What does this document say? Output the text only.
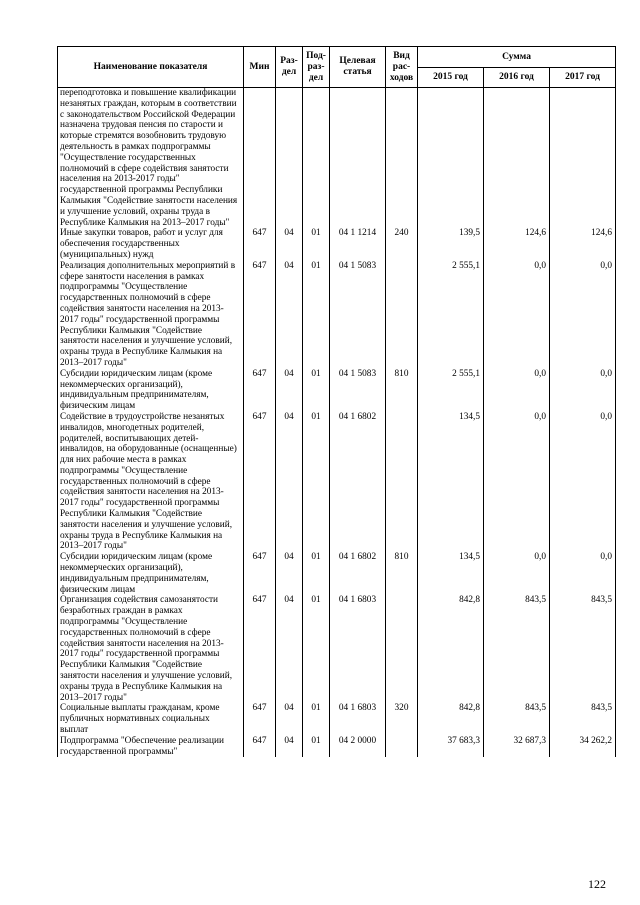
Наименование показателя	Мин	Раз-дел	Под-раз-дел	Целевая статья	Вид рас-ходов	Сумма		
						2015 год	2016 год	2017 год
переподготовка и повышение квалификации незанятых граждан, которым в соответствии с законодательством Российской Федерации назначена трудовая пенсия по старости и которые стремятся возобновить трудовую деятельность в рамках подпрограммы "Осуществление государственных полномочий в сфере содействия занятости населения на 2013-2017 годы" государственной программы Республики Калмыкия "Содействие занятости населения и улучшение условий, охраны труда в Республике Калмыкия на 2013–2017 годы"								
Иные закупки товаров, работ и услуг для обеспечения государственных (муниципальных) нужд	647	04	01	04 1 1214	240	139,5	124,6	124,6
Реализация дополнительных мероприятий в сфере занятости населения в рамках подпрограммы "Осуществление государственных полномочий в сфере содействия занятости населения на 2013-2017 годы" государственной программы Республики Калмыкия "Содействие занятости населения и улучшение условий, охраны труда в Республике Калмыкия на 2013–2017 годы"	647	04	01	04 1 5083		2 555,1	0,0	0,0
Субсидии юридическим лицам (кроме некоммерческих организаций), индивидуальным предпринимателям, физическим лицам	647	04	01	04 1 5083	810	2 555,1	0,0	0,0
Содействие в трудоустройстве незанятых инвалидов, многодетных родителей, родителей, воспитывающих детей-инвалидов, на оборудованные (оснащенные) для них рабочие места в рамках подпрограммы "Осуществление государственных полномочий в сфере содействия занятости населения на 2013-2017 годы" государственной программы Республики Калмыкия "Содействие занятости населения и улучшение условий, охраны труда в Республике Калмыкия на 2013–2017 годы"	647	04	01	04 1 6802		134,5	0,0	0,0
Субсидии юридическим лицам (кроме некоммерческих организаций), индивидуальным предпринимателям, физическим лицам	647	04	01	04 1 6802	810	134,5	0,0	0,0
Организация содействия самозанятости безработных граждан в рамках подпрограммы "Осуществление государственных полномочий в сфере содействия занятости населения на 2013-2017 годы" государственной программы Республики Калмыкия "Содействие занятости населения и улучшение условий, охраны труда в Республике Калмыкия на 2013–2017 годы"	647	04	01	04 1 6803		842,8	843,5	843,5
Социальные выплаты гражданам, кроме публичных нормативных социальных выплат	647	04	01	04 1 6803	320	842,8	843,5	843,5
Подпрограмма "Обеспечение реализации государственной программы"	647	04	01	04 2 0000		37 683,3	32 687,3	34 262,2
122
